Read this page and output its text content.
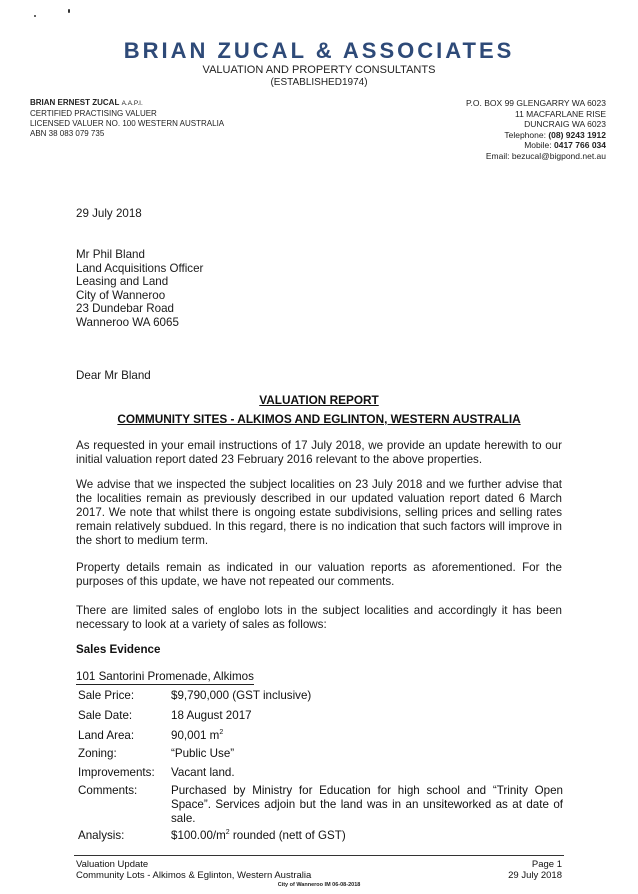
BRIAN ZUCAL & ASSOCIATES
VALUATION AND PROPERTY CONSULTANTS
(ESTABLISHED1974)
BRIAN ERNEST ZUCAL A.A.P.I.
CERTIFIED PRACTISING VALUER
LICENSED VALUER NO. 100 WESTERN AUSTRALIA
ABN 38 083 079 735
P.O. BOX 99 GLENGARRY WA 6023
11 MACFARLANE RISE
DUNCRAIG WA 6023
Telephone: (08) 9243 1912
Mobile: 0417 766 034
Email: bezucal@bigpond.net.au
29 July 2018
Mr Phil Bland
Land Acquisitions Officer
Leasing and Land
City of Wanneroo
23 Dundebar Road
Wanneroo WA 6065
Dear Mr Bland
VALUATION REPORT
COMMUNITY SITES - ALKIMOS AND EGLINTON, WESTERN AUSTRALIA
As requested in your email instructions of 17 July 2018, we provide an update herewith to our initial valuation report dated 23 February 2016 relevant to the above properties.
We advise that we inspected the subject localities on 23 July 2018 and we further advise that the localities remain as previously described in our updated valuation report dated 6 March 2017. We note that whilst there is ongoing estate subdivisions, selling prices and selling rates remain relatively subdued. In this regard, there is no indication that such factors will improve in the short to medium term.
Property details remain as indicated in our valuation reports as aforementioned. For the purposes of this update, we have not repeated our comments.
There are limited sales of englobo lots in the subject localities and accordingly it has been necessary to look at a variety of sales as follows:
Sales Evidence
101 Santorini Promenade, Alkimos
Sale Price:	$9,790,000 (GST inclusive)
Sale Date:	18 August 2017
Land Area:	90,001 $m^2$
Zoning:	“Public Use”
Improvements: Vacant land.
Comments:	Purchased by Ministry for Education for high school and “Trinity Open Space”. Services adjoin but the land was in an unsiteworked as at date of sale.
Analysis:	$\$100.00/m^2$ rounded (nett of GST)
Valuation Update
Community Lots - Alkimos & Eglinton, Western Australia
Page 1
29 July 2018
City of Wanneroo IM 06-08-2018
